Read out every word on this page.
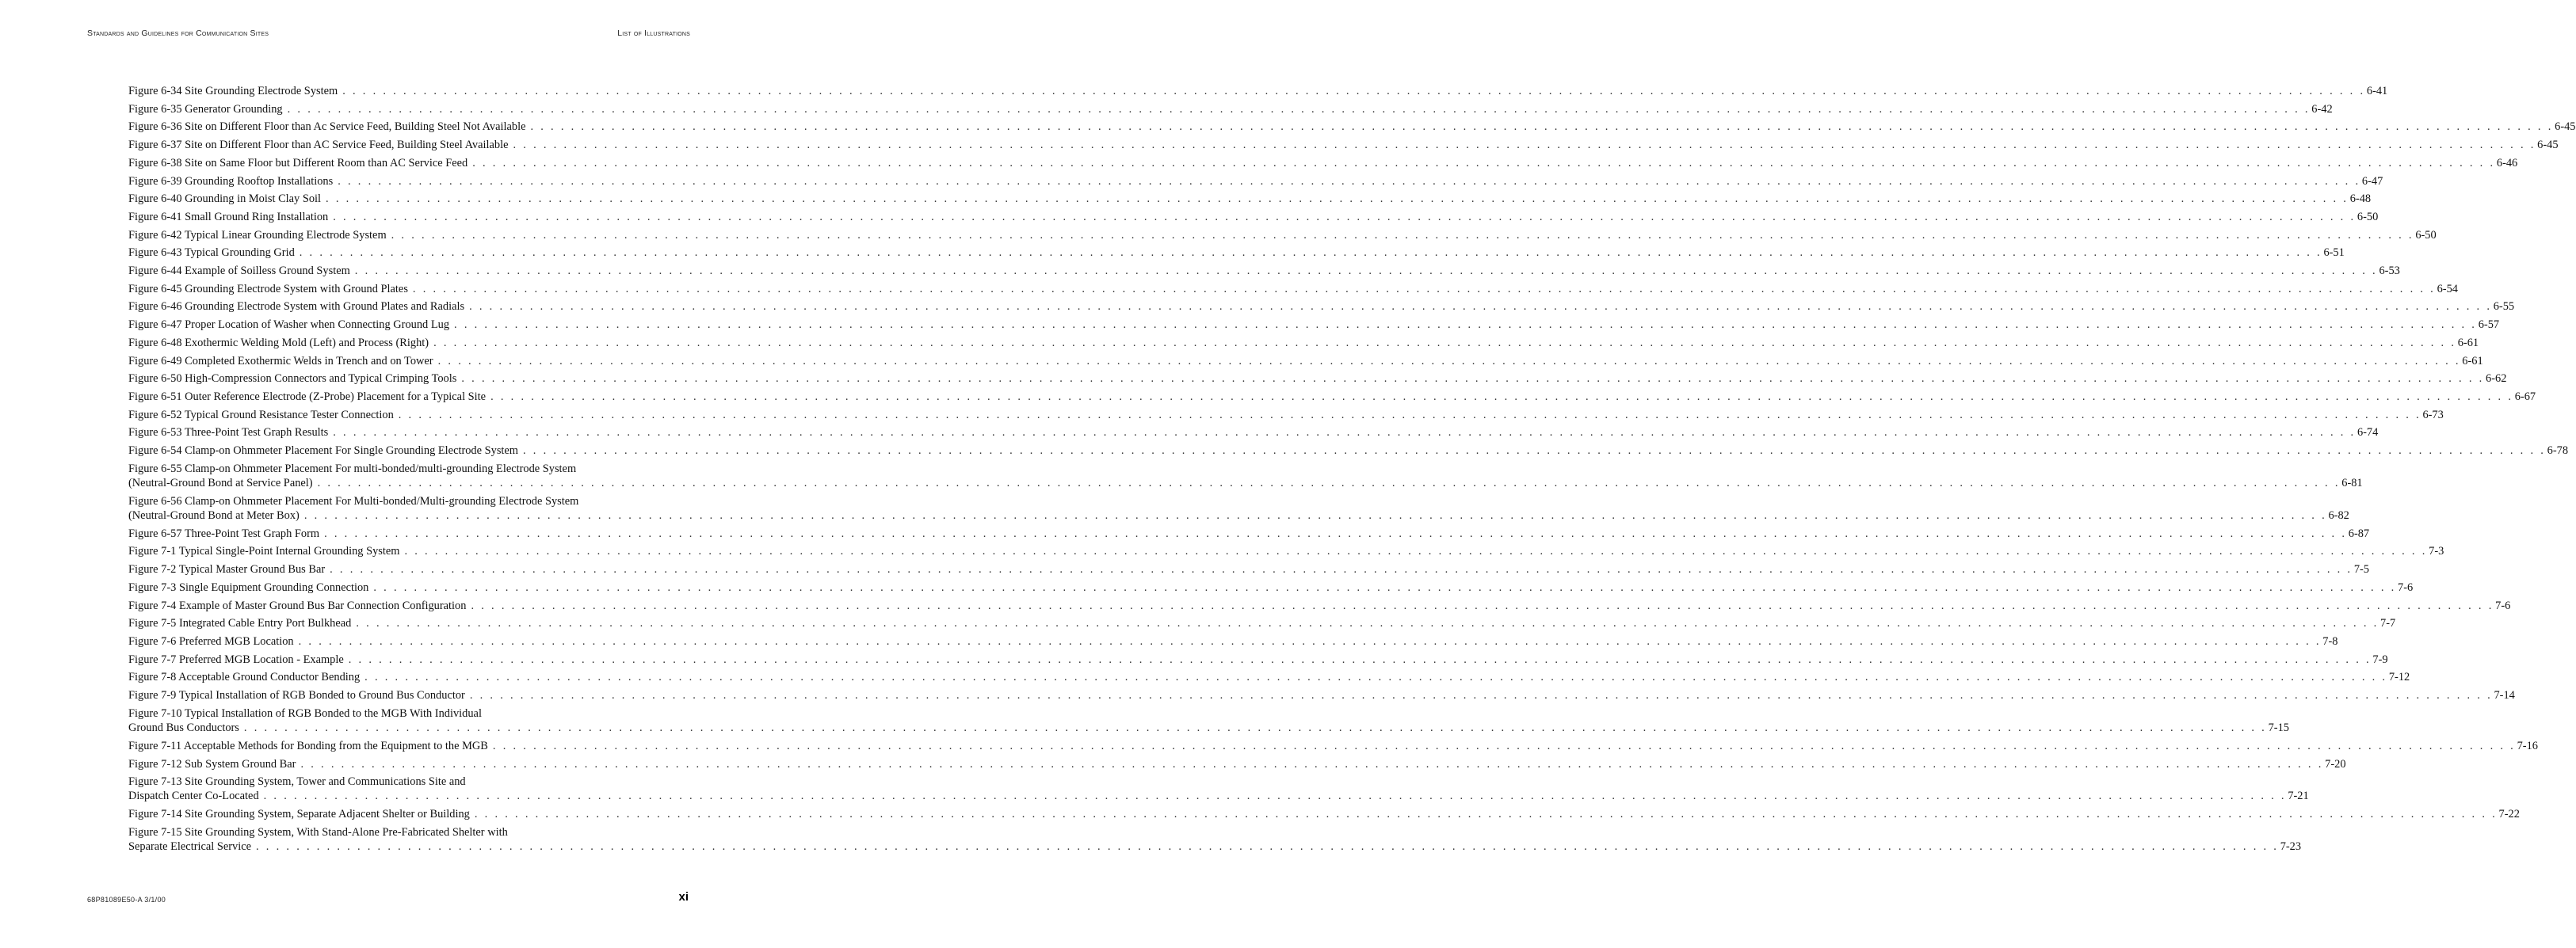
Standards and Guidelines for Communication Sites	List of Illustrations
Figure 6-34 Site Grounding Electrode System . . . . . . . . . . . . . . . . . . . . . . . . . . . . . . . . . . . . . . . . . . . . . . . . . . . . . . . . . . . . . . . . . . . . . . . . . . . . . . . . . . . . . . . . . . . . . . . . . . . . . . . . . . . . . . . . . . . . . . . . . . . . . . . . . . . . . . . . . . . . . . . . . . . . . . . . . . . . . . . . . . . . . . . . . . . . . . . . . . . . . . . . . . . . . . . . . . . . . . . . 6-41
Figure 6-35 Generator Grounding . . . . . . . . . . . . . . . . . . . . . . . . . . . . . . . . . . . . . . . . . . . . . . . . . . . . . . . . . . . . . . . . . . . . . . . . . . . . . . . . . . . . . . . . . . . . . . . . . . . . . . . . . . . . . . . . . . . . . . . . . . . . . . . . . . . . . . . . . . . . . . . . . . . . . . . . . . . . . . . . . . . . . . . . . . . . . . . . . . . . . . . . . . . . . . . . . . . . . . . . 6-42
Figure 6-36 Site on Different Floor than Ac Service Feed, Building Steel Not Available . . . . . . . . . . . . . . . . . . . . . . . . . . . . . . . . . . . . . . . . . . . . . . . . . . . . . . . . . . . . . . . . . . . . . . . . . . . . . . . . . . . . . . . . . . . . . . . . . . . . . . . . . . . . . . . . . . . . . . . . . . . . . . . . . . . . . . . . . . . . . . . . . . . . . . . . . . . . . . . . . . . . . . . . . . . . . . . . . . . . . . . . . . . . . . . . . . . . . . . . 6-45
Figure 6-37 Site on Different Floor than AC Service Feed, Building Steel Available . . . . . . . . . . . . . . . . . . . . . . . . . . . . . . . . . . . . . . . . . . . . . . . . . . . . . . . . . . . . . . . . . . . . . . . . . . . . . . . . . . . . . . . . . . . . . . . . . . . . . . . . . . . . . . . . . . . . . . . . . . . . . . . . . . . . . . . . . . . . . . . . . . . . . . . . . . . . . . . . . . . . . . . . . . . . . . . . . . . . . . . . . . . . . . . . . . . . . . . . 6-45
Figure 6-38 Site on Same Floor but Different Room than AC Service Feed . . . . . . . . . . . . . . . . . . . . . . . . . . . . . . . . . . . . . . . . . . . . . . . . . . . . . . . . . . . . . . . . . . . . . . . . . . . . . . . . . . . . . . . . . . . . . . . . . . . . . . . . . . . . . . . . . . . . . . . . . . . . . . . . . . . . . . . . . . . . . . . . . . . . . . . . . . . . . . . . . . . . . . . . . . . . . . . . . . . . . . . . . . . . . . . . . . . . . . . . 6-46
Figure 6-39 Grounding Rooftop Installations . . . . . . . . . . . . . . . . . . . . . . . . . . . . . . . . . . . . . . . . . . . . . . . . . . . . . . . . . . . . . . . . . . . . . . . . . . . . . . . . . . . . . . . . . . . . . . . . . . . . . . . . . . . . . . . . . . . . . . . . . . . . . . . . . . . . . . . . . . . . . . . . . . . . . . . . . . . . . . . . . . . . . . . . . . . . . . . . . . . . . . . . . . . . . . . . . . . . . . . . 6-47
Figure 6-40 Grounding in Moist Clay Soil . . . . . . . . . . . . . . . . . . . . . . . . . . . . . . . . . . . . . . . . . . . . . . . . . . . . . . . . . . . . . . . . . . . . . . . . . . . . . . . . . . . . . . . . . . . . . . . . . . . . . . . . . . . . . . . . . . . . . . . . . . . . . . . . . . . . . . . . . . . . . . . . . . . . . . . . . . . . . . . . . . . . . . . . . . . . . . . . . . . . . . . . . . . . . . . . . . . . . . . . 6-48
Figure 6-41 Small Ground Ring Installation . . . . . . . . . . . . . . . . . . . . . . . . . . . . . . . . . . . . . . . . . . . . . . . . . . . . . . . . . . . . . . . . . . . . . . . . . . . . . . . . . . . . . . . . . . . . . . . . . . . . . . . . . . . . . . . . . . . . . . . . . . . . . . . . . . . . . . . . . . . . . . . . . . . . . . . . . . . . . . . . . . . . . . . . . . . . . . . . . . . . . . . . . . . . . . . . . . . . . . . . 6-50
Figure 6-42 Typical Linear Grounding Electrode System . . . . . . . . . . . . . . . . . . . . . . . . . . . . . . . . . . . . . . . . . . . . . . . . . . . . . . . . . . . . . . . . . . . . . . . . . . . . . . . . . . . . . . . . . . . . . . . . . . . . . . . . . . . . . . . . . . . . . . . . . . . . . . . . . . . . . . . . . . . . . . . . . . . . . . . . . . . . . . . . . . . . . . . . . . . . . . . . . . . . . . . . . . . . . . . . . . . . . . . . 6-50
Figure 6-43 Typical Grounding Grid . . . . . . . . . . . . . . . . . . . . . . . . . . . . . . . . . . . . . . . . . . . . . . . . . . . . . . . . . . . . . . . . . . . . . . . . . . . . . . . . . . . . . . . . . . . . . . . . . . . . . . . . . . . . . . . . . . . . . . . . . . . . . . . . . . . . . . . . . . . . . . . . . . . . . . . . . . . . . . . . . . . . . . . . . . . . . . . . . . . . . . . . . . . . . . . . . . . . . . . . 6-51
Figure 6-44 Example of Soilless Ground System . . . . . . . . . . . . . . . . . . . . . . . . . . . . . . . . . . . . . . . . . . . . . . . . . . . . . . . . . . . . . . . . . . . . . . . . . . . . . . . . . . . . . . . . . . . . . . . . . . . . . . . . . . . . . . . . . . . . . . . . . . . . . . . . . . . . . . . . . . . . . . . . . . . . . . . . . . . . . . . . . . . . . . . . . . . . . . . . . . . . . . . . . . . . . . . . . . . . . . . . 6-53
Figure 6-45 Grounding Electrode System with Ground Plates . . . . . . . . . . . . . . . . . . . . . . . . . . . . . . . . . . . . . . . . . . . . . . . . . . . . . . . . . . . . . . . . . . . . . . . . . . . . . . . . . . . . . . . . . . . . . . . . . . . . . . . . . . . . . . . . . . . . . . . . . . . . . . . . . . . . . . . . . . . . . . . . . . . . . . . . . . . . . . . . . . . . . . . . . . . . . . . . . . . . . . . . . . . . . . . . . . . . . . . . 6-54
Figure 6-46 Grounding Electrode System with Ground Plates and Radials . . . . . . . . . . . . . . . . . . . . . . . . . . . . . . . . . . . . . . . . . . . . . . . . . . . . . . . . . . . . . . . . . . . . . . . . . . . . . . . . . . . . . . . . . . . . . . . . . . . . . . . . . . . . . . . . . . . . . . . . . . . . . . . . . . . . . . . . . . . . . . . . . . . . . . . . . . . . . . . . . . . . . . . . . . . . . . . . . . . . . . . . . . . . . . . . . . . . . . . . 6-55
Figure 6-47 Proper Location of Washer when Connecting Ground Lug . . . . . . . . . . . . . . . . . . . . . . . . . . . . . . . . . . . . . . . . . . . . . . . . . . . . . . . . . . . . . . . . . . . . . . . . . . . . . . . . . . . . . . . . . . . . . . . . . . . . . . . . . . . . . . . . . . . . . . . . . . . . . . . . . . . . . . . . . . . . . . . . . . . . . . . . . . . . . . . . . . . . . . . . . . . . . . . . . . . . . . . . . . . . . . . . . . . . . . . . 6-57
Figure 6-48 Exothermic Welding Mold (Left) and Process (Right) . . . . . . . . . . . . . . . . . . . . . . . . . . . . . . . . . . . . . . . . . . . . . . . . . . . . . . . . . . . . . . . . . . . . . . . . . . . . . . . . . . . . . . . . . . . . . . . . . . . . . . . . . . . . . . . . . . . . . . . . . . . . . . . . . . . . . . . . . . . . . . . . . . . . . . . . . . . . . . . . . . . . . . . . . . . . . . . . . . . . . . . . . . . . . . . . . . . . . . . . 6-61
Figure 6-49 Completed Exothermic Welds in Trench and on Tower . . . . . . . . . . . . . . . . . . . . . . . . . . . . . . . . . . . . . . . . . . . . . . . . . . . . . . . . . . . . . . . . . . . . . . . . . . . . . . . . . . . . . . . . . . . . . . . . . . . . . . . . . . . . . . . . . . . . . . . . . . . . . . . . . . . . . . . . . . . . . . . . . . . . . . . . . . . . . . . . . . . . . . . . . . . . . . . . . . . . . . . . . . . . . . . . . . . . . . . . 6-61
Figure 6-50 High-Compression Connectors and Typical Crimping Tools . . . . . . . . . . . . . . . . . . . . . . . . . . . . . . . . . . . . . . . . . . . . . . . . . . . . . . . . . . . . . . . . . . . . . . . . . . . . . . . . . . . . . . . . . . . . . . . . . . . . . . . . . . . . . . . . . . . . . . . . . . . . . . . . . . . . . . . . . . . . . . . . . . . . . . . . . . . . . . . . . . . . . . . . . . . . . . . . . . . . . . . . . . . . . . . . . . . . . . . . 6-62
Figure 6-51 Outer Reference Electrode (Z-Probe) Placement for a Typical Site . . . . . . . . . . . . . . . . . . . . . . . . . . . . . . . . . . . . . . . . . . . . . . . . . . . . . . . . . . . . . . . . . . . . . . . . . . . . . . . . . . . . . . . . . . . . . . . . . . . . . . . . . . . . . . . . . . . . . . . . . . . . . . . . . . . . . . . . . . . . . . . . . . . . . . . . . . . . . . . . . . . . . . . . . . . . . . . . . . . . . . . . . . . . . . . . . . . . . . . . 6-67
Figure 6-52 Typical Ground Resistance Tester Connection . . . . . . . . . . . . . . . . . . . . . . . . . . . . . . . . . . . . . . . . . . . . . . . . . . . . . . . . . . . . . . . . . . . . . . . . . . . . . . . . . . . . . . . . . . . . . . . . . . . . . . . . . . . . . . . . . . . . . . . . . . . . . . . . . . . . . . . . . . . . . . . . . . . . . . . . . . . . . . . . . . . . . . . . . . . . . . . . . . . . . . . . . . . . . . . . . . . . . . . . 6-73
Figure 6-53 Three-Point Test Graph Results . . . . . . . . . . . . . . . . . . . . . . . . . . . . . . . . . . . . . . . . . . . . . . . . . . . . . . . . . . . . . . . . . . . . . . . . . . . . . . . . . . . . . . . . . . . . . . . . . . . . . . . . . . . . . . . . . . . . . . . . . . . . . . . . . . . . . . . . . . . . . . . . . . . . . . . . . . . . . . . . . . . . . . . . . . . . . . . . . . . . . . . . . . . . . . . . . . . . . . . . 6-74
Figure 6-54 Clamp-on Ohmmeter Placement For Single Grounding Electrode System . . . . . . . . . . . . . . . . . . . . . . . . . . . . . . . . . . . . . . . . . . . . . . . . . . . . . . . . . . . . . . . . . . . . . . . . . . . . . . . . . . . . . . . . . . . . . . . . . . . . . . . . . . . . . . . . . . . . . . . . . . . . . . . . . . . . . . . . . . . . . . . . . . . . . . . . . . . . . . . . . . . . . . . . . . . . . . . . . . . . . . . . . . . . . . . . . . . . . . . . 6-78
Figure 6-55 Clamp-on Ohmmeter Placement For multi-bonded/multi-grounding Electrode System
(Neutral-Ground Bond at Service Panel) . . . . . . . . . . . . . . . . . . . . . . . . . . . . . . . . . . . . . . . . . . . . . . . . . . . . . . . . . . . . . . . . . . . . . . . . . . . . . . . . . . . . . . . . . . . . . . . . . . . . . . . . . . . . . . . . . . . . . . . . . . . . . . . . . . . . . . . . . . . . . . . . . . . . . . . . . . . . . . . . . . . . . . . . . . . . . . . . . . . . . . . . . . . . . . . . . . . . . . . . 6-81
Figure 6-56 Clamp-on Ohmmeter Placement For Multi-bonded/Multi-grounding Electrode System
(Neutral-Ground Bond at Meter Box) . . . . . . . . . . . . . . . . . . . . . . . . . . . . . . . . . . . . . . . . . . . . . . . . . . . . . . . . . . . . . . . . . . . . . . . . . . . . . . . . . . . . . . . . . . . . . . . . . . . . . . . . . . . . . . . . . . . . . . . . . . . . . . . . . . . . . . . . . . . . . . . . . . . . . . . . . . . . . . . . . . . . . . . . . . . . . . . . . . . . . . . . . . . . . . . . . . . . . . . . 6-82
Figure 6-57 Three-Point Test Graph Form . . . . . . . . . . . . . . . . . . . . . . . . . . . . . . . . . . . . . . . . . . . . . . . . . . . . . . . . . . . . . . . . . . . . . . . . . . . . . . . . . . . . . . . . . . . . . . . . . . . . . . . . . . . . . . . . . . . . . . . . . . . . . . . . . . . . . . . . . . . . . . . . . . . . . . . . . . . . . . . . . . . . . . . . . . . . . . . . . . . . . . . . . . . . . . . . . . . . . . . . 6-87
Figure 7-1 Typical Single-Point Internal Grounding System . . . . . . . . . . . . . . . . . . . . . . . . . . . . . . . . . . . . . . . . . . . . . . . . . . . . . . . . . . . . . . . . . . . . . . . . . . . . . . . . . . . . . . . . . . . . . . . . . . . . . . . . . . . . . . . . . . . . . . . . . . . . . . . . . . . . . . . . . . . . . . . . . . . . . . . . . . . . . . . . . . . . . . . . . . . . . . . . . . . . . . . . . . . . . . . . . . . . . . . . 7-3
Figure 7-2 Typical Master Ground Bus Bar . . . . . . . . . . . . . . . . . . . . . . . . . . . . . . . . . . . . . . . . . . . . . . . . . . . . . . . . . . . . . . . . . . . . . . . . . . . . . . . . . . . . . . . . . . . . . . . . . . . . . . . . . . . . . . . . . . . . . . . . . . . . . . . . . . . . . . . . . . . . . . . . . . . . . . . . . . . . . . . . . . . . . . . . . . . . . . . . . . . . . . . . . . . . . . . . . . . . . . . . 7-5
Figure 7-3 Single Equipment Grounding Connection . . . . . . . . . . . . . . . . . . . . . . . . . . . . . . . . . . . . . . . . . . . . . . . . . . . . . . . . . . . . . . . . . . . . . . . . . . . . . . . . . . . . . . . . . . . . . . . . . . . . . . . . . . . . . . . . . . . . . . . . . . . . . . . . . . . . . . . . . . . . . . . . . . . . . . . . . . . . . . . . . . . . . . . . . . . . . . . . . . . . . . . . . . . . . . . . . . . . . . . . 7-6
Figure 7-4 Example of Master Ground Bus Bar Connection Configuration . . . . . . . . . . . . . . . . . . . . . . . . . . . . . . . . . . . . . . . . . . . . . . . . . . . . . . . . . . . . . . . . . . . . . . . . . . . . . . . . . . . . . . . . . . . . . . . . . . . . . . . . . . . . . . . . . . . . . . . . . . . . . . . . . . . . . . . . . . . . . . . . . . . . . . . . . . . . . . . . . . . . . . . . . . . . . . . . . . . . . . . . . . . . . . . . . . . . . . . . 7-6
Figure 7-5 Integrated Cable Entry Port Bulkhead . . . . . . . . . . . . . . . . . . . . . . . . . . . . . . . . . . . . . . . . . . . . . . . . . . . . . . . . . . . . . . . . . . . . . . . . . . . . . . . . . . . . . . . . . . . . . . . . . . . . . . . . . . . . . . . . . . . . . . . . . . . . . . . . . . . . . . . . . . . . . . . . . . . . . . . . . . . . . . . . . . . . . . . . . . . . . . . . . . . . . . . . . . . . . . . . . . . . . . . . 7-7
Figure 7-6 Preferred MGB Location . . . . . . . . . . . . . . . . . . . . . . . . . . . . . . . . . . . . . . . . . . . . . . . . . . . . . . . . . . . . . . . . . . . . . . . . . . . . . . . . . . . . . . . . . . . . . . . . . . . . . . . . . . . . . . . . . . . . . . . . . . . . . . . . . . . . . . . . . . . . . . . . . . . . . . . . . . . . . . . . . . . . . . . . . . . . . . . . . . . . . . . . . . . . . . . . . . . . . . . . 7-8
Figure 7-7 Preferred MGB Location - Example . . . . . . . . . . . . . . . . . . . . . . . . . . . . . . . . . . . . . . . . . . . . . . . . . . . . . . . . . . . . . . . . . . . . . . . . . . . . . . . . . . . . . . . . . . . . . . . . . . . . . . . . . . . . . . . . . . . . . . . . . . . . . . . . . . . . . . . . . . . . . . . . . . . . . . . . . . . . . . . . . . . . . . . . . . . . . . . . . . . . . . . . . . . . . . . . . . . . . . . . 7-9
Figure 7-8 Acceptable Ground Conductor Bending . . . . . . . . . . . . . . . . . . . . . . . . . . . . . . . . . . . . . . . . . . . . . . . . . . . . . . . . . . . . . . . . . . . . . . . . . . . . . . . . . . . . . . . . . . . . . . . . . . . . . . . . . . . . . . . . . . . . . . . . . . . . . . . . . . . . . . . . . . . . . . . . . . . . . . . . . . . . . . . . . . . . . . . . . . . . . . . . . . . . . . . . . . . . . . . . . . . . . . . . 7-12
Figure 7-9 Typical Installation of RGB Bonded to Ground Bus Conductor . . . . . . . . . . . . . . . . . . . . . . . . . . . . . . . . . . . . . . . . . . . . . . . . . . . . . . . . . . . . . . . . . . . . . . . . . . . . . . . . . . . . . . . . . . . . . . . . . . . . . . . . . . . . . . . . . . . . . . . . . . . . . . . . . . . . . . . . . . . . . . . . . . . . . . . . . . . . . . . . . . . . . . . . . . . . . . . . . . . . . . . . . . . . . . . . . . . . . . . . 7-14
Figure 7-10 Typical Installation of RGB Bonded to the MGB With Individual
Ground Bus Conductors . . . . . . . . . . . . . . . . . . . . . . . . . . . . . . . . . . . . . . . . . . . . . . . . . . . . . . . . . . . . . . . . . . . . . . . . . . . . . . . . . . . . . . . . . . . . . . . . . . . . . . . . . . . . . . . . . . . . . . . . . . . . . . . . . . . . . . . . . . . . . . . . . . . . . . . . . . . . . . . . . . . . . . . . . . . . . . . . . . . . . . . . . . . . . . . . . . . . . . . . 7-15
Figure 7-11 Acceptable Methods for Bonding from the Equipment to the MGB . . . . . . . . . . . . . . . . . . . . . . . . . . . . . . . . . . . . . . . . . . . . . . . . . . . . . . . . . . . . . . . . . . . . . . . . . . . . . . . . . . . . . . . . . . . . . . . . . . . . . . . . . . . . . . . . . . . . . . . . . . . . . . . . . . . . . . . . . . . . . . . . . . . . . . . . . . . . . . . . . . . . . . . . . . . . . . . . . . . . . . . . . . . . . . . . . . . . . . . . 7-16
Figure 7-12 Sub System Ground Bar . . . . . . . . . . . . . . . . . . . . . . . . . . . . . . . . . . . . . . . . . . . . . . . . . . . . . . . . . . . . . . . . . . . . . . . . . . . . . . . . . . . . . . . . . . . . . . . . . . . . . . . . . . . . . . . . . . . . . . . . . . . . . . . . . . . . . . . . . . . . . . . . . . . . . . . . . . . . . . . . . . . . . . . . . . . . . . . . . . . . . . . . . . . . . . . . . . . . . . . . 7-20
Figure 7-13 Site Grounding System, Tower and Communications Site and
Dispatch Center Co-Located . . . . . . . . . . . . . . . . . . . . . . . . . . . . . . . . . . . . . . . . . . . . . . . . . . . . . . . . . . . . . . . . . . . . . . . . . . . . . . . . . . . . . . . . . . . . . . . . . . . . . . . . . . . . . . . . . . . . . . . . . . . . . . . . . . . . . . . . . . . . . . . . . . . . . . . . . . . . . . . . . . . . . . . . . . . . . . . . . . . . . . . . . . . . . . . . . . . . . . . . 7-21
Figure 7-14 Site Grounding System, Separate Adjacent Shelter or Building . . . . . . . . . . . . . . . . . . . . . . . . . . . . . . . . . . . . . . . . . . . . . . . . . . . . . . . . . . . . . . . . . . . . . . . . . . . . . . . . . . . . . . . . . . . . . . . . . . . . . . . . . . . . . . . . . . . . . . . . . . . . . . . . . . . . . . . . . . . . . . . . . . . . . . . . . . . . . . . . . . . . . . . . . . . . . . . . . . . . . . . . . . . . . . . . . . . . . . . . 7-22
Figure 7-15 Site Grounding System, With Stand-Alone Pre-Fabricated Shelter with
Separate Electrical Service . . . . . . . . . . . . . . . . . . . . . . . . . . . . . . . . . . . . . . . . . . . . . . . . . . . . . . . . . . . . . . . . . . . . . . . . . . . . . . . . . . . . . . . . . . . . . . . . . . . . . . . . . . . . . . . . . . . . . . . . . . . . . . . . . . . . . . . . . . . . . . . . . . . . . . . . . . . . . . . . . . . . . . . . . . . . . . . . . . . . . . . . . . . . . . . . . . . . . . . . 7-23
68P81089E50-A 3/1/00	xi
